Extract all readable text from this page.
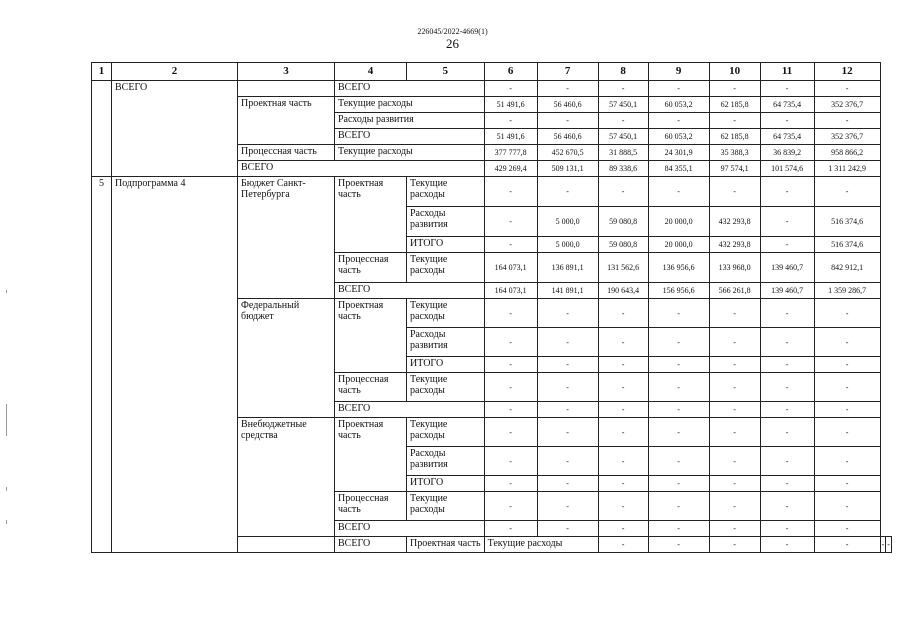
226045/2022-4669(1)
26
1	2	3	4	5	6	7	8	9	10	11	12		
	ВСЕГО		ВСЕГО		-	-	-	-	-	-	-		
		Проектная часть	Текущие расходы		51 491,6	56 460,6	57 450,1	60 053,2	62 185,8	64 735,4	352 376,7		
			Расходы развития		-	-	-	-	-	-	-		
			ВСЕГО		51 491,6	56 460,6	57 450,1	60 053,2	62 185,8	64 735,4	352 376,7		
		Процессная часть	Текущие расходы		377 777,8	452 670,5	31 888,5	24 301,9	35 388,3	36 839,2	958 866,2		
		ВСЕГО			429 269,4	509 131,1	89 338,6	84 355,1	97 574,1	101 574,6	1 311 242,9		
5	Подпрограмма 4	Бюджет Санкт-Петербурга	Проектная часть	Текущие расходы	-	-	-	-	-	-	-		
				Расходы развития	-	5 000,0	59 080,8	20 000,0	432 293,8	-	516 374,6		
				ИТОГО	-	5 000,0	59 080,8	20 000,0	432 293,8	-	516 374,6		
			Процессная часть	Текущие расходы	164 073,1	136 891,1	131 562,6	136 956,6	133 968,0	139 460,7	842 912,1		
			ВСЕГО		164 073,1	141 891,1	190 643,4	156 956,6	566 261,8	139 460,7	1 359 286,7		
		Федеральный бюджет	Проектная часть	Текущие расходы	-	-	-	-	-	-	-		
				Расходы развития	-	-	-	-	-	-	-		
				ИТОГО	-	-	-	-	-	-	-		
			Процессная часть	Текущие расходы	-	-	-	-	-	-	-		
			ВСЕГО		-	-	-	-	-	-	-		
		Внебюджетные средства	Проектная часть	Текущие расходы	-	-	-	-	-	-	-		
				Расходы развития	-	-	-	-	-	-	-		
				ИТОГО	-	-	-	-	-	-	-		
			Процессная часть	Текущие расходы	-	-	-	-	-	-	-		
			ВСЕГО		-	-	-	-	-	-	-		
			ВСЕГО	Проектная часть	Текущие расходы		-	-	-	-	-	-	-
